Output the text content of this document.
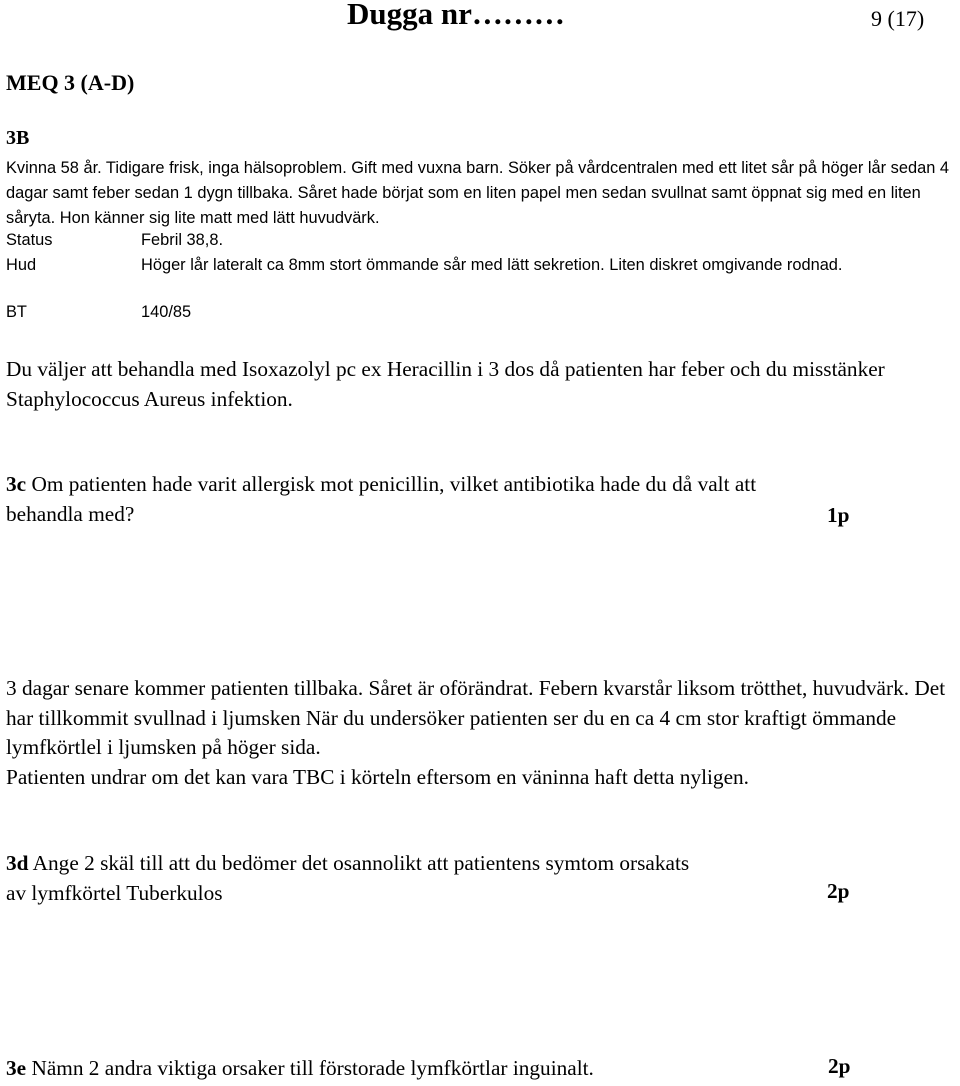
Dugga nr………	9 (17)
MEQ 3 (A-D)
3B
Kvinna 58 år. Tidigare frisk, inga hälsoproblem. Gift med vuxna barn. Söker på vårdcentralen med ett litet sår på höger lår sedan 4 dagar samt feber sedan 1 dygn tillbaka. Såret hade börjat som en liten papel men sedan svullnat samt öppnat sig med en liten såryta. Hon känner sig lite matt med lätt huvudvärk.
Status	Febril 38,8.
Hud	Höger lår lateralt ca 8mm stort ömmande sår med lätt sekretion. Liten diskret omgivande rodnad.
BT	140/85
Du väljer att behandla med Isoxazolyl pc ex Heracillin i 3 dos då patienten har feber och du misstänker Staphylococcus Aureus infektion.
3c Om patienten hade varit allergisk mot penicillin, vilket antibiotika hade du då valt att behandla med?	1p
3 dagar senare kommer patienten tillbaka. Såret är oförändrat. Febern kvarstår liksom trötthet, huvudvärk. Det har tillkommit svullnad i ljumsken När du undersöker patienten ser du en ca 4 cm stor kraftigt ömmande lymfkörtlel i ljumsken på höger sida.
Patienten undrar om det kan vara TBC i körteln eftersom en väninna haft detta nyligen.
3d Ange 2 skäl till att du bedömer det osannolikt att patientens symtom orsakats av lymfkörtel Tuberkulos	2p
3e Nämn 2 andra viktiga orsaker till förstorade lymfkörtlar inguinalt.	2p
